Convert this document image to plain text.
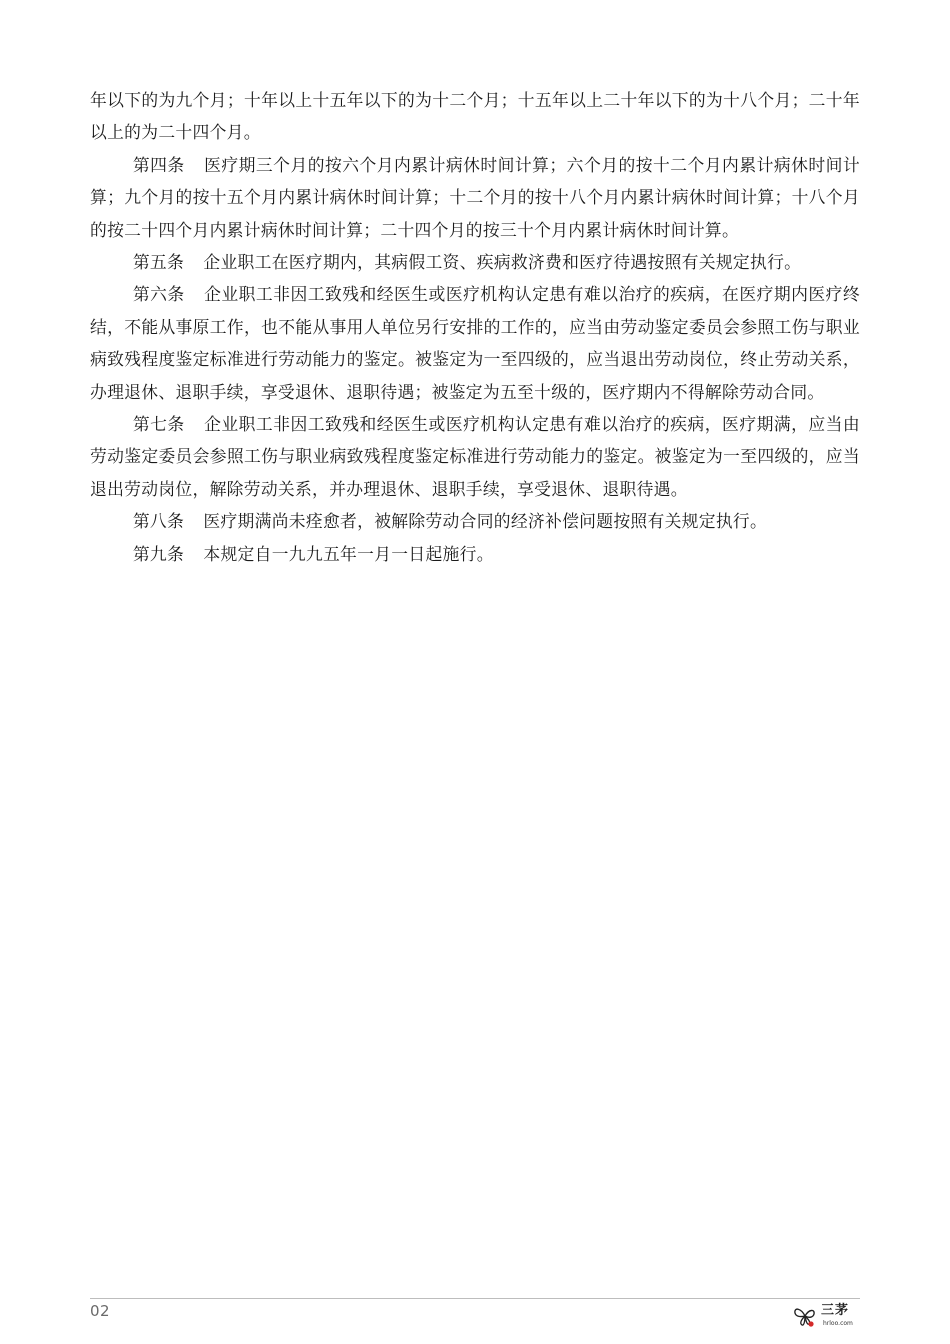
年以下的为九个月；十年以上十五年以下的为十二个月；十五年以上二十年以下的为十八个月；二十年以上的为二十四个月。

第四条 医疗期三个月的按六个月内累计病休时间计算；六个月的按十二个月内累计病休时间计算；九个月的按十五个月内累计病休时间计算；十二个月的按十八个月内累计病休时间计算；十八个月的按二十四个月内累计病休时间计算；二十四个月的按三十个月内累计病休时间计算。

第五条 企业职工在医疗期内，其病假工资、疾病救济费和医疗待遇按照有关规定执行。

第六条 企业职工非因工致残和经医生或医疗机构认定患有难以治疗的疾病，在医疗期内医疗终结，不能从事原工作，也不能从事用人单位另行安排的工作的，应当由劳动鉴定委员会参照工伤与职业病致残程度鉴定标准进行劳动能力的鉴定。被鉴定为一至四级的，应当退出劳动岗位，终止劳动关系，办理退休、退职手续，享受退休、退职待遇；被鉴定为五至十级的，医疗期内不得解除劳动合同。

第七条 企业职工非因工致残和经医生或医疗机构认定患有难以治疗的疾病，医疗期满，应当由劳动鉴定委员会参照工伤与职业病致残程度鉴定标准进行劳动能力的鉴定。被鉴定为一至四级的，应当退出劳动岗位，解除劳动关系，并办理退休、退职手续，享受退休、退职待遇。

第八条 医疗期满尚未痊愈者，被解除劳动合同的经济补偿问题按照有关规定执行。

第九条 本规定自一九九五年一月一日起施行。

02	三茅
hrloo.com
